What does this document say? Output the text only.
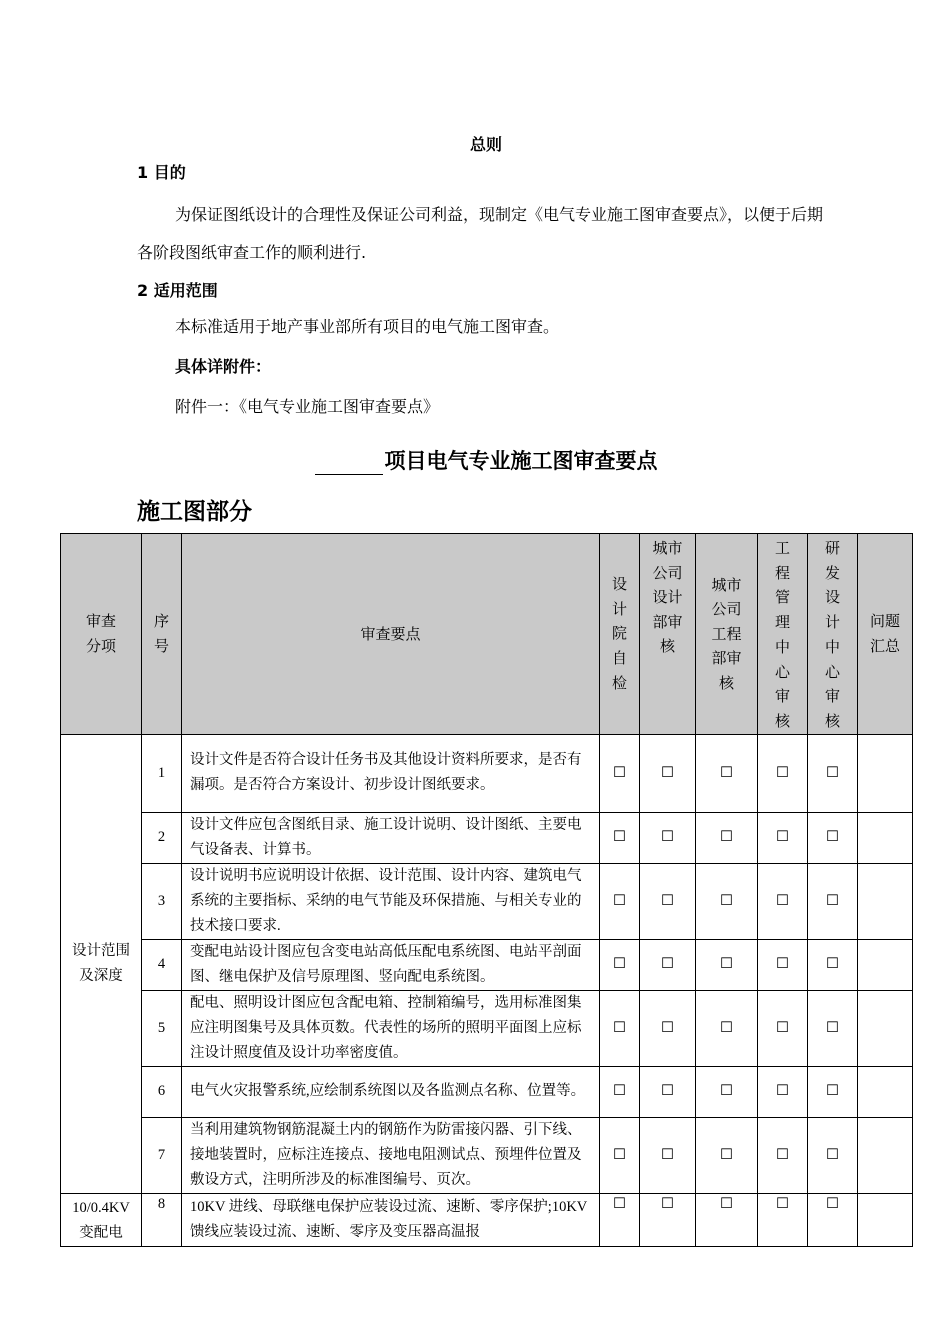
总则
1 目的
为保证图纸设计的合理性及保证公司利益，现制定《电气专业施工图审查要点》，以便于后期各阶段图纸审查工作的顺利进行.
2 适用范围
本标准适用于地产事业部所有项目的电气施工图审查。
具体详附件：
附件一：《电气专业施工图审查要点》
项目电气专业施工图审查要点
施工图部分
审查分项	序号	审查要点	设计院自检	城市公司设计部审核	城市公司工程部审核	工程管理中心审核	研发设计中心审核	问题汇总
设计范围及深度	1	设计文件是否符合设计任务书及其他设计资料所要求，是否有漏项。是否符合方案设计、初步设计图纸要求。	☐	☐	☐	☐	☐	
	2	设计文件应包含图纸目录、施工设计说明、设计图纸、主要电气设备表、计算书。	☐	☐	☐	☐	☐	
	3	设计说明书应说明设计依据、设计范围、设计内容、建筑电气系统的主要指标、采纳的电气节能及环保措施、与相关专业的技术接口要求.	☐	☐	☐	☐	☐	
	4	变配电站设计图应包含变电站高低压配电系统图、电站平剖面图、继电保护及信号原理图、竖向配电系统图。	☐	☐	☐	☐	☐	
	5	配电、照明设计图应包含配电箱、控制箱编号，选用标准图集应注明图集号及具体页数。代表性的场所的照明平面图上应标注设计照度值及设计功率密度值。	☐	☐	☐	☐	☐	
	6	电气火灾报警系统,应绘制系统图以及各监测点名称、位置等。	☐	☐	☐	☐	☐	
	7	当利用建筑物钢筋混凝土内的钢筋作为防雷接闪器、引下线、接地装置时，应标注连接点、接地电阻测试点、预埋件位置及敷设方式，注明所涉及的标准图编号、页次。	☐	☐	☐	☐	☐	
10/0.4KV变配电	8	10KV 进线、母联继电保护应装设过流、速断、零序保护;10KV 馈线应装设过流、速断、零序及变压器高温报	☐	☐	☐	☐	☐	
